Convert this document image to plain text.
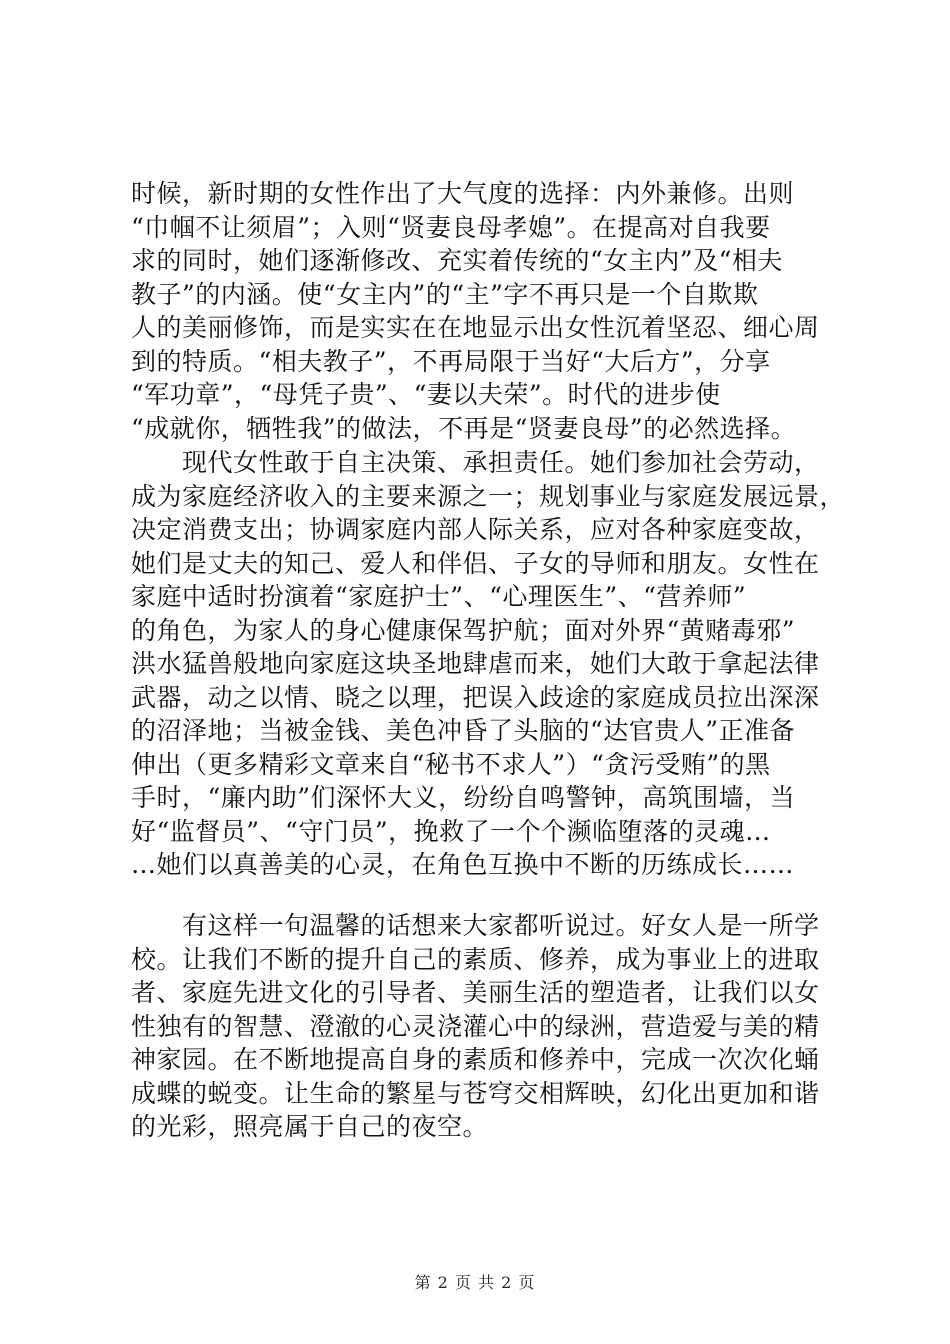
时候，新时期的女性作出了大气度的选择：内外兼修。出则
“巾帼不让须眉”；入则“贤妻良母孝媳”。在提高对自我要
求的同时，她们逐渐修改、充实着传统的“女主内”及“相夫
教子”的内涵。使“女主内”的“主”字不再只是一个自欺欺
人的美丽修饰，而是实实在在地显示出女性沉着坚忍、细心周
到的特质。“相夫教子”，不再局限于当好“大后方”，分享
“军功章”，“母凭子贵”、“妻以夫荣”。时代的进步使
“成就你，牺牲我”的做法，不再是“贤妻良母”的必然选择。
　　现代女性敢于自主决策、承担责任。她们参加社会劳动，
成为家庭经济收入的主要来源之一；规划事业与家庭发展远景，
决定消费支出；协调家庭内部人际关系，应对各种家庭变故，
她们是丈夫的知己、爱人和伴侣、子女的导师和朋友。女性在
家庭中适时扮演着“家庭护士”、“心理医生”、“营养师”
的角色，为家人的身心健康保驾护航；面对外界“黄赌毒邪”
洪水猛兽般地向家庭这块圣地肆虐而来，她们大敢于拿起法律
武器，动之以情、晓之以理，把误入歧途的家庭成员拉出深深
的沼泽地；当被金钱、美色冲昏了头脑的“达官贵人”正准备
伸出（更多精彩文章来自“秘书不求人”）“贪污受贿”的黑
手时，“廉内助”们深怀大义，纷纷自鸣警钟，高筑围墙，当
好“监督员”、“守门员”，挽救了一个个濒临堕落的灵魂…
…她们以真善美的心灵，在角色互换中不断的历练成长……
　　有这样一句温馨的话想来大家都听说过。好女人是一所学
校。让我们不断的提升自己的素质、修养，成为事业上的进取
者、家庭先进文化的引导者、美丽生活的塑造者，让我们以女
性独有的智慧、澄澈的心灵浇灌心中的绿洲，营造爱与美的精
神家园。在不断地提高自身的素质和修养中，完成一次次化蛹
成蝶的蜕变。让生命的繁星与苍穹交相辉映，幻化出更加和谐
的光彩，照亮属于自己的夜空。
第 2 页 共 2 页
